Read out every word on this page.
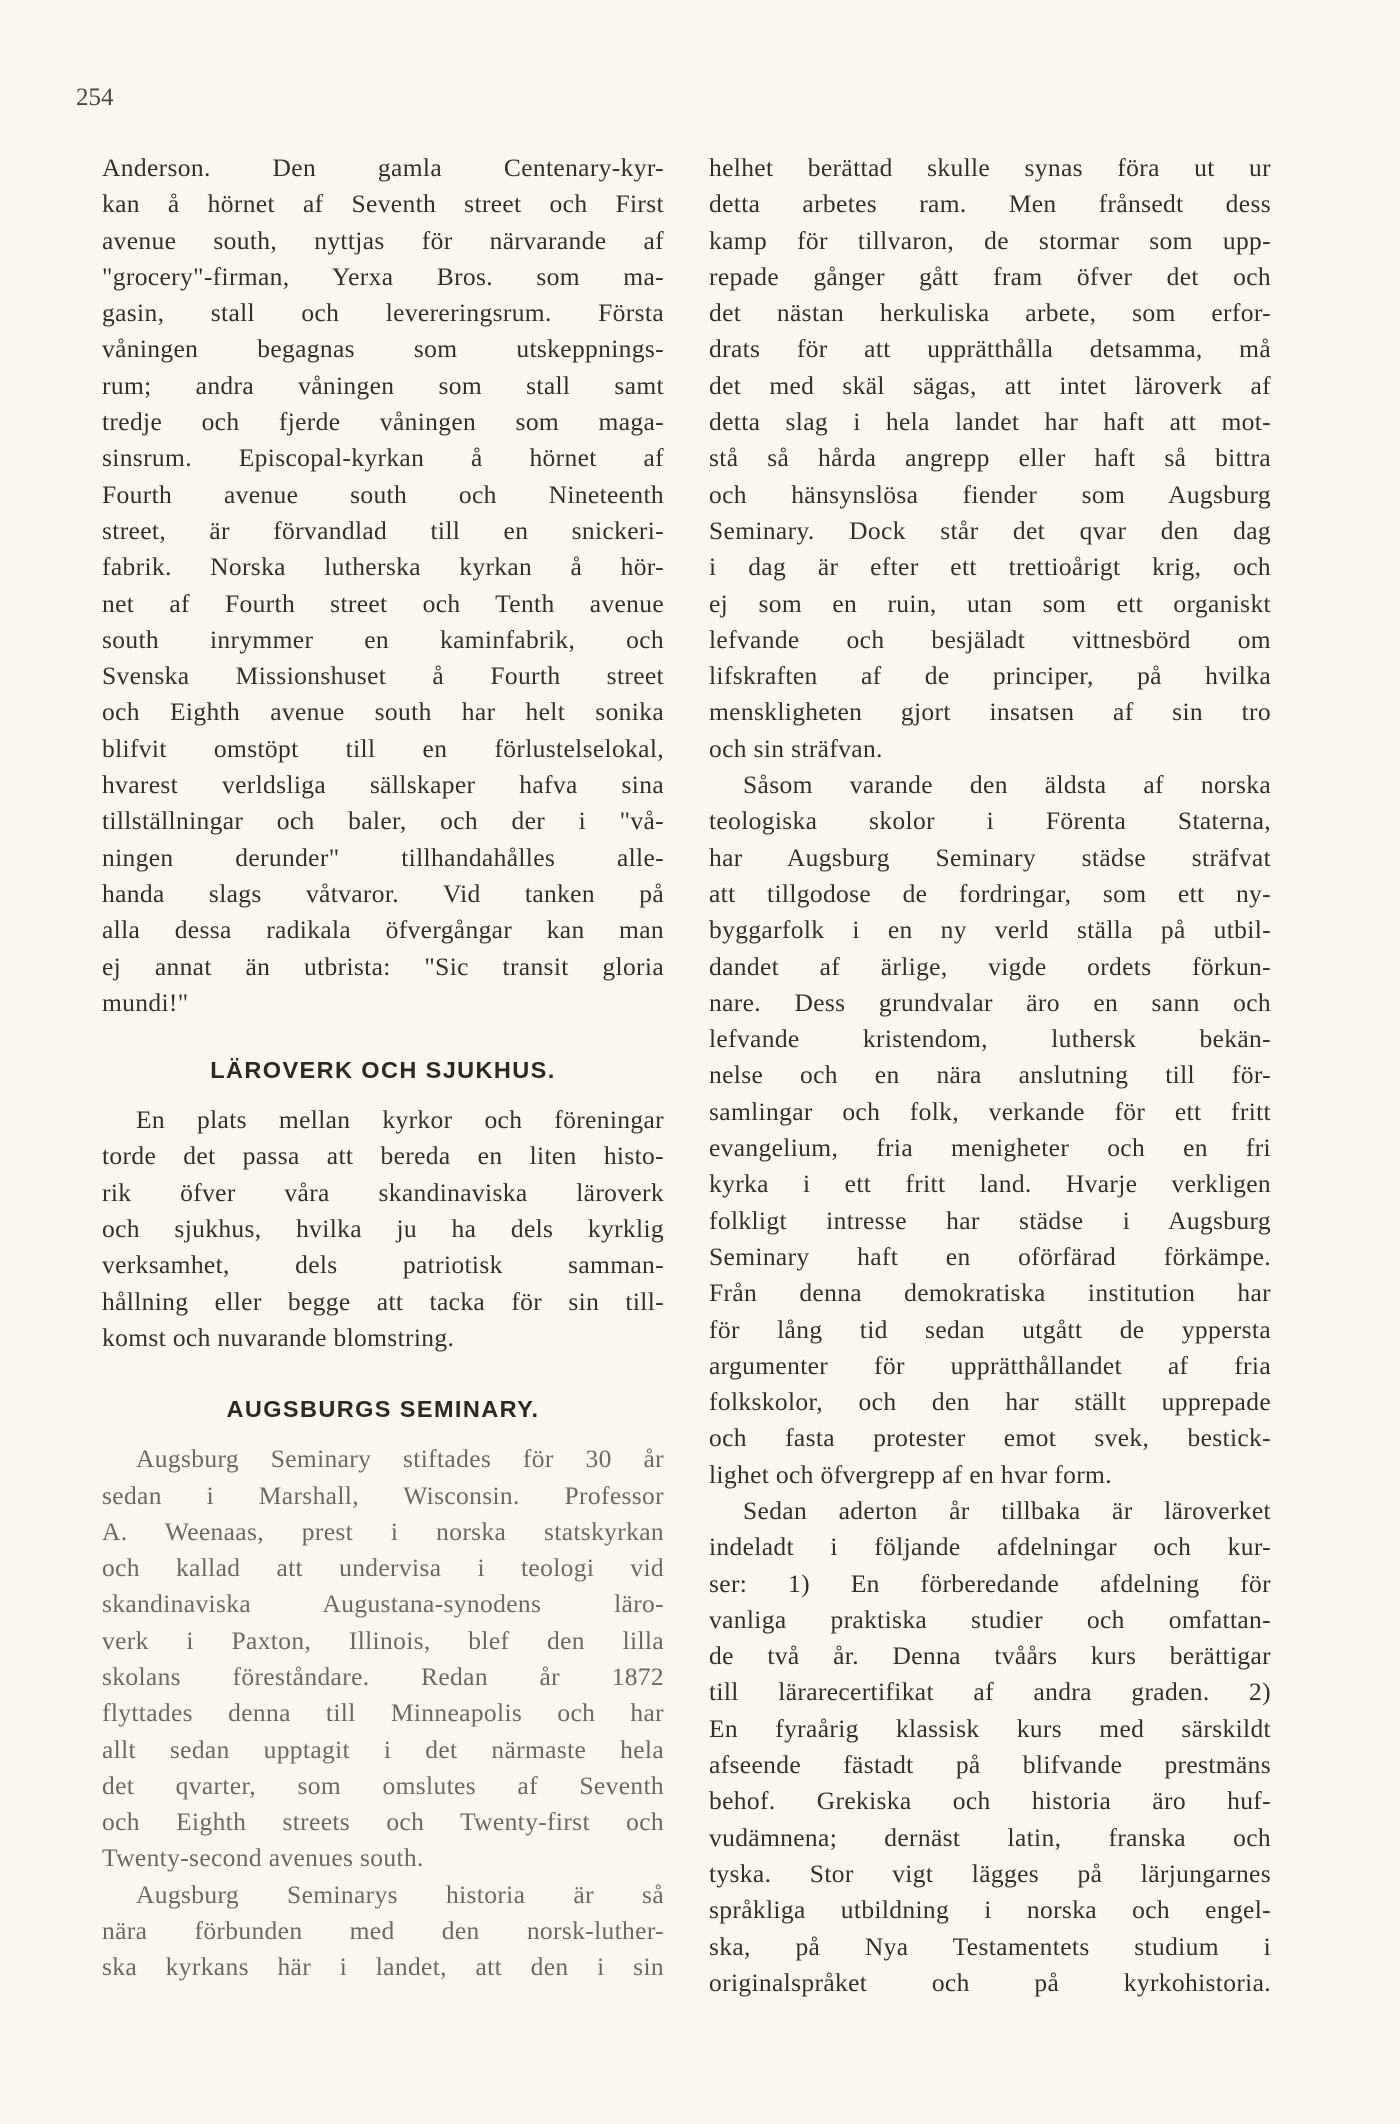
254
Anderson. Den gamla Centenary-kyr-
kan å hörnet af Seventh street och First
avenue south, nyttjas för närvarande af
"grocery"-firman, Yerxa Bros. som ma-
gasin, stall och levereringsrum. Första
våningen begagnas som utskeppnings-
rum; andra våningen som stall samt
tredje och fjerde våningen som maga-
sinsrum. Episcopal-kyrkan å hörnet af
Fourth avenue south och Nineteenth
street, är förvandlad till en snickeri-
fabrik. Norska lutherska kyrkan å hör-
net af Fourth street och Tenth avenue
south inrymmer en kaminfabrik, och
Svenska Missionshuset å Fourth street
och Eighth avenue south har helt sonika
blifvit omstöpt till en förlustelselokal,
hvarest verldsliga sällskaper hafva sina
tillställningar och baler, och der i "vå-
ningen derunder" tillhandahålles alle-
handa slags våtvaror. Vid tanken på
alla dessa radikala öfvergångar kan man
ej annat än utbrista: "Sic transit gloria
mundi!"
LÄROVERK OCH SJUKHUS.
En plats mellan kyrkor och föreningar
torde det passa att bereda en liten histo-
rik öfver våra skandinaviska läroverk
och sjukhus, hvilka ju ha dels kyrklig
verksamhet, dels patriotisk samman-
hållning eller begge att tacka för sin till-
komst och nuvarande blomstring.
AUGSBURGS SEMINARY.
Augsburg Seminary stiftades för 30 år
sedan i Marshall, Wisconsin. Professor
A. Weenaas, prest i norska statskyrkan
och kallad att undervisa i teologi vid
skandinaviska Augustana-synodens läro-
verk i Paxton, Illinois, blef den lilla
skolans föreståndare. Redan år 1872
flyttades denna till Minneapolis och har
allt sedan upptagit i det närmaste hela
det qvarter, som omslutes af Seventh
och Eighth streets och Twenty-first och
Twenty-second avenues south.
Augsburg Seminarys historia är så
nära förbunden med den norsk-luther-
ska kyrkans här i landet, att den i sin
helhet berättad skulle synas föra ut ur
detta arbetes ram. Men frånsedt dess
kamp för tillvaron, de stormar som upp-
repade gånger gått fram öfver det och
det nästan herkuliska arbete, som erfor-
drats för att upprätthålla detsamma, må
det med skäl sägas, att intet läroverk af
detta slag i hela landet har haft att mot-
stå så hårda angrepp eller haft så bittra
och hänsynslösa fiender som Augsburg
Seminary. Dock står det qvar den dag
i dag är efter ett trettioårigt krig, och
ej som en ruin, utan som ett organiskt
lefvande och besjäladt vittnesbörd om
lifskraften af de principer, på hvilka
menskligheten gjort insatsen af sin tro
och sin sträfvan.
Såsom varande den äldsta af norska
teologiska skolor i Förenta Staterna,
har Augsburg Seminary städse sträfvat
att tillgodose de fordringar, som ett ny-
byggarfolk i en ny verld ställa på utbil-
dandet af ärlige, vigde ordets förkun-
nare. Dess grundvalar äro en sann och
lefvande kristendom, luthersk bekän-
nelse och en nära anslutning till för-
samlingar och folk, verkande för ett fritt
evangelium, fria menigheter och en fri
kyrka i ett fritt land. Hvarje verkligen
folkligt intresse har städse i Augsburg
Seminary haft en oförfärad förkämpe.
Från denna demokratiska institution har
för lång tid sedan utgått de yppersta
argumenter för upprätthållandet af fria
folkskolor, och den har ställt upprepade
och fasta protester emot svek, bestick-
lighet och öfvergrepp af en hvar form.
Sedan aderton år tillbaka är läroverket
indeladt i följande afdelningar och kur-
ser: 1) En förberedande afdelning för
vanliga praktiska studier och omfattan-
de två år. Denna tvåårs kurs berättigar
till lärarecertifikat af andra graden. 2)
En fyraårig klassisk kurs med särskildt
afseende fästadt på blifvande prestmäns
behof. Grekiska och historia äro huf-
vudämnena; dernäst latin, franska och
tyska. Stor vigt lägges på lärjungarnes
språkliga utbildning i norska och engel-
ska, på Nya Testamentets studium i
originalspråket och på kyrkohistoria.
